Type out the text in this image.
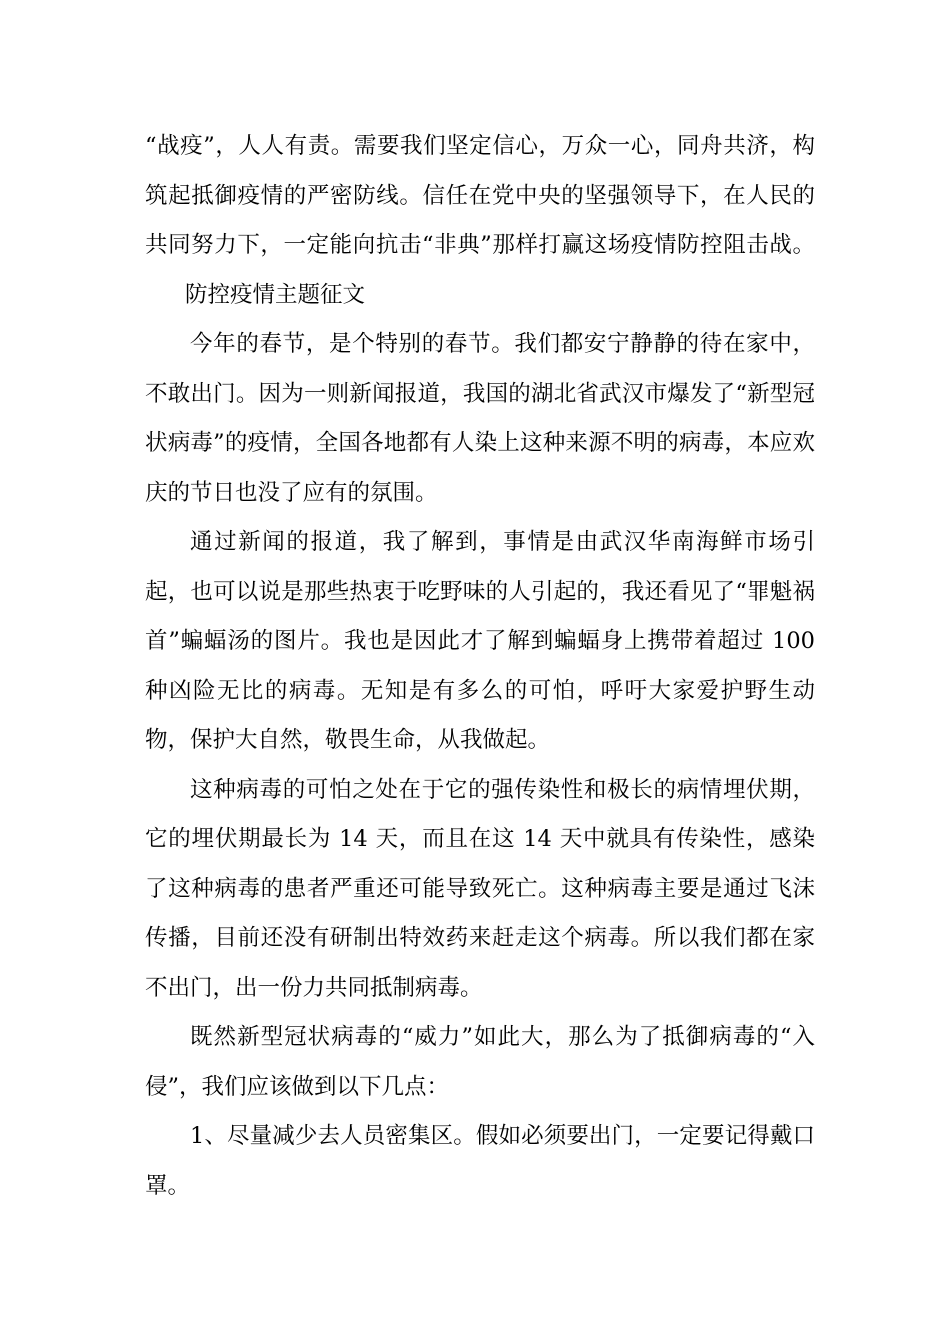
“战疫”，人人有责。需要我们坚定信心，万众一心，同舟共济，构筑起抵御疫情的严密防线。信任在党中央的坚强领导下，在人民的共同努力下，一定能向抗击“非典”那样打赢这场疫情防控阻击战。防控疫情主题征文

今年的春节，是个特别的春节。我们都安宁静静的待在家中，不敢出门。因为一则新闻报道，我国的湖北省武汉市爆发了“新型冠状病毒”的疫情，全国各地都有人染上这种来源不明的病毒，本应欢庆的节日也没了应有的氛围。

通过新闻的报道，我了解到，事情是由武汉华南海鲜市场引起，也可以说是那些热衷于吃野味的人引起的，我还看见了“罪魁祸首”蝙蝠汤的图片。我也是因此才了解到蝙蝠身上携带着超过 100 种凶险无比的病毒。无知是有多么的可怕，呼吁大家爱护野生动物，保护大自然，敬畏生命，从我做起。

这种病毒的可怕之处在于它的强传染性和极长的病情埋伏期，它的埋伏期最长为 14 天，而且在这 14 天中就具有传染性，感染了这种病毒的患者严重还可能导致死亡。这种病毒主要是通过飞沫传播，目前还没有研制出特效药来赶走这个病毒。所以我们都在家不出门，出一份力共同抵制病毒。

既然新型冠状病毒的“威力”如此大，那么为了抵御病毒的“入侵”，我们应该做到以下几点：

1、尽量减少去人员密集区。假如必须要出门，一定要记得戴口罩。
